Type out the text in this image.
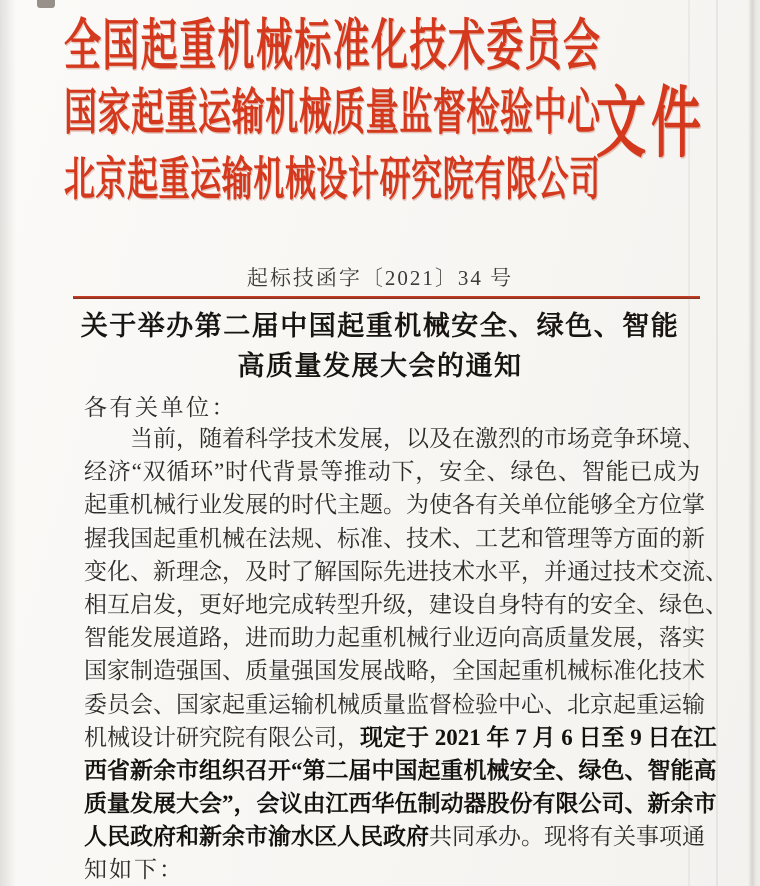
全国起重机械标准化技术委员会
国家起重运输机械质量监督检验中心
北京起重运输机械设计研究院有限公司
文件
起标技函字〔2021〕34 号
关于举办第二届中国起重机械安全、绿色、智能
高质量发展大会的通知
各有关单位：
当前，随着科学技术发展，以及在激烈的市场竞争环境、
经济“双循环”时代背景等推动下，安全、绿色、智能已成为
起重机械行业发展的时代主题。为使各有关单位能够全方位掌
握我国起重机械在法规、标准、技术、工艺和管理等方面的新
变化、新理念，及时了解国际先进技术水平，并通过技术交流、
相互启发，更好地完成转型升级，建设自身特有的安全、绿色、
智能发展道路，进而助力起重机械行业迈向高质量发展，落实
国家制造强国、质量强国发展战略，全国起重机械标准化技术
委员会、国家起重运输机械质量监督检验中心、北京起重运输
机械设计研究院有限公司，现定于 2021 年 7 月 6 日至 9 日在江
西省新余市组织召开“第二届中国起重机械安全、绿色、智能高
质量发展大会”，会议由江西华伍制动器股份有限公司、新余市
人民政府和新余市渝水区人民政府共同承办。现将有关事项通
知如下：
